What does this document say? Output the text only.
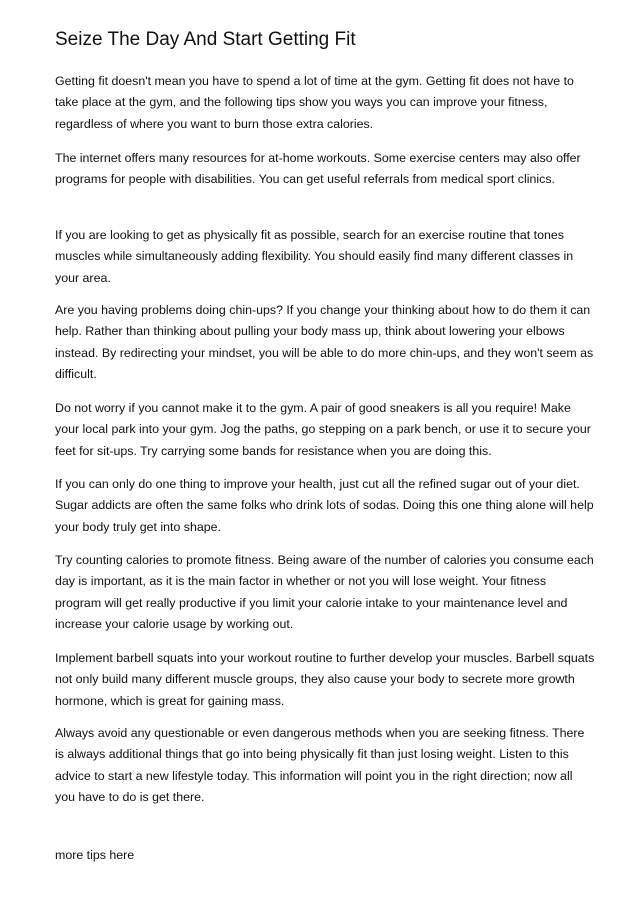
Seize The Day And Start Getting Fit

Getting fit doesn't mean you have to spend a lot of time at the gym. Getting fit does not have to take place at the gym, and the following tips show you ways you can improve your fitness, regardless of where you want to burn those extra calories.

The internet offers many resources for at-home workouts. Some exercise centers may also offer programs for people with disabilities. You can get useful referrals from medical sport clinics.

If you are looking to get as physically fit as possible, search for an exercise routine that tones muscles while simultaneously adding flexibility. You should easily find many different classes in your area.

Are you having problems doing chin-ups? If you change your thinking about how to do them it can help. Rather than thinking about pulling your body mass up, think about lowering your elbows instead. By redirecting your mindset, you will be able to do more chin-ups, and they won't seem as difficult.

Do not worry if you cannot make it to the gym. A pair of good sneakers is all you require! Make your local park into your gym. Jog the paths, go stepping on a park bench, or use it to secure your feet for sit-ups. Try carrying some bands for resistance when you are doing this.

If you can only do one thing to improve your health, just cut all the refined sugar out of your diet. Sugar addicts are often the same folks who drink lots of sodas. Doing this one thing alone will help your body truly get into shape.

Try counting calories to promote fitness. Being aware of the number of calories you consume each day is important, as it is the main factor in whether or not you will lose weight. Your fitness program will get really productive if you limit your calorie intake to your maintenance level and increase your calorie usage by working out.

Implement barbell squats into your workout routine to further develop your muscles. Barbell squats not only build many different muscle groups, they also cause your body to secrete more growth hormone, which is great for gaining mass.

Always avoid any questionable or even dangerous methods when you are seeking fitness. There is always additional things that go into being physically fit than just losing weight. Listen to this advice to start a new lifestyle today. This information will point you in the right direction; now all you have to do is get there.

more tips here
